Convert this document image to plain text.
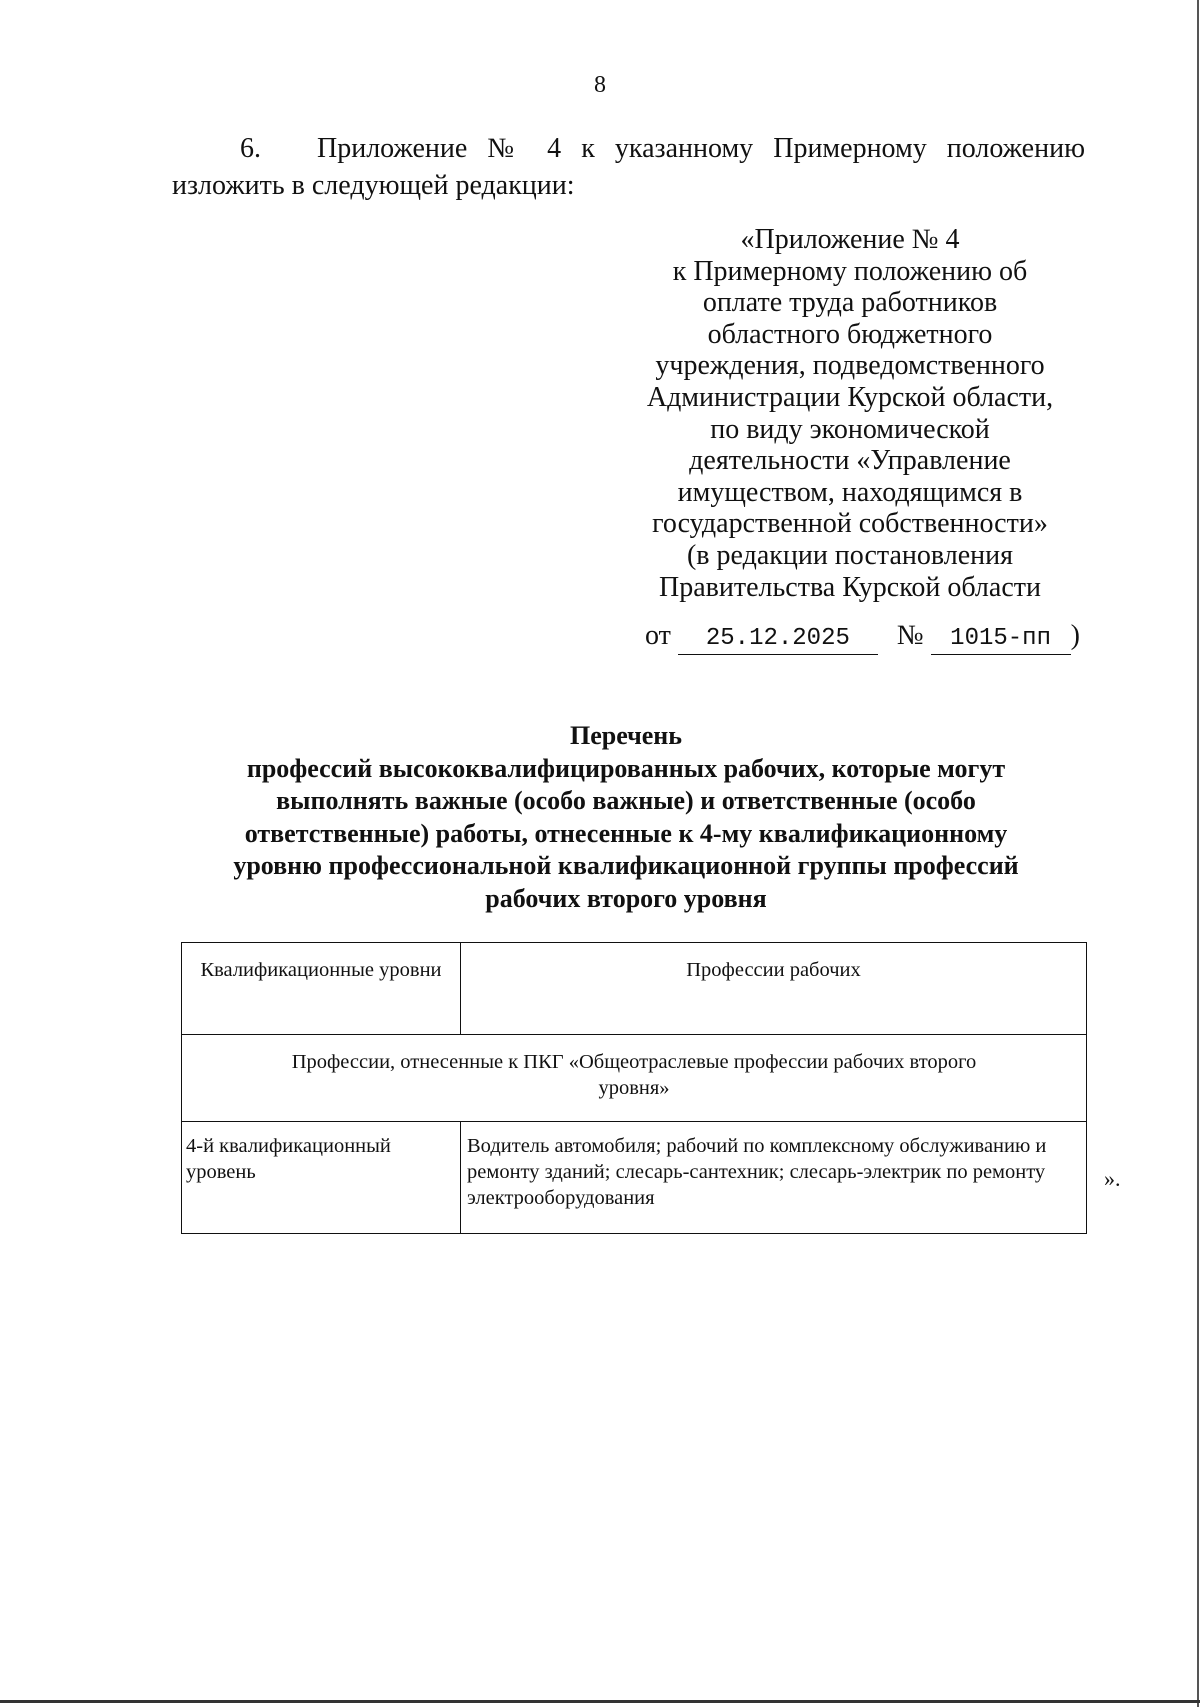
8
6. Приложение № 4 к указанному Примерному положению
изложить в следующей редакции:
«Приложение № 4
к Примерному положению об
оплате труда работников
областного бюджетного
учреждения, подведомственного
Администрации Курской области,
по виду экономической
деятельности «Управление
имуществом, находящимся в
государственной собственности»
(в редакции постановления
Правительства Курской области
от 25.12.2025 № 1015-пп )
Перечень
профессий высококвалифицированных рабочих, которые могут
выполнять важные (особо важные) и ответственные (особо
ответственные) работы, отнесенные к 4-му квалификационному
уровню профессиональной квалификационной группы профессий
рабочих второго уровня
Квалификационные уровни	Профессии рабочих
Профессии, отнесенные к ПКГ «Общеотраслевые профессии рабочих второго уровня»	
4-й квалификационный уровень	Водитель автомобиля; рабочий по комплексному обслуживанию и ремонту зданий; слесарь-сантехник; слесарь-электрик по ремонту электрооборудования
».
